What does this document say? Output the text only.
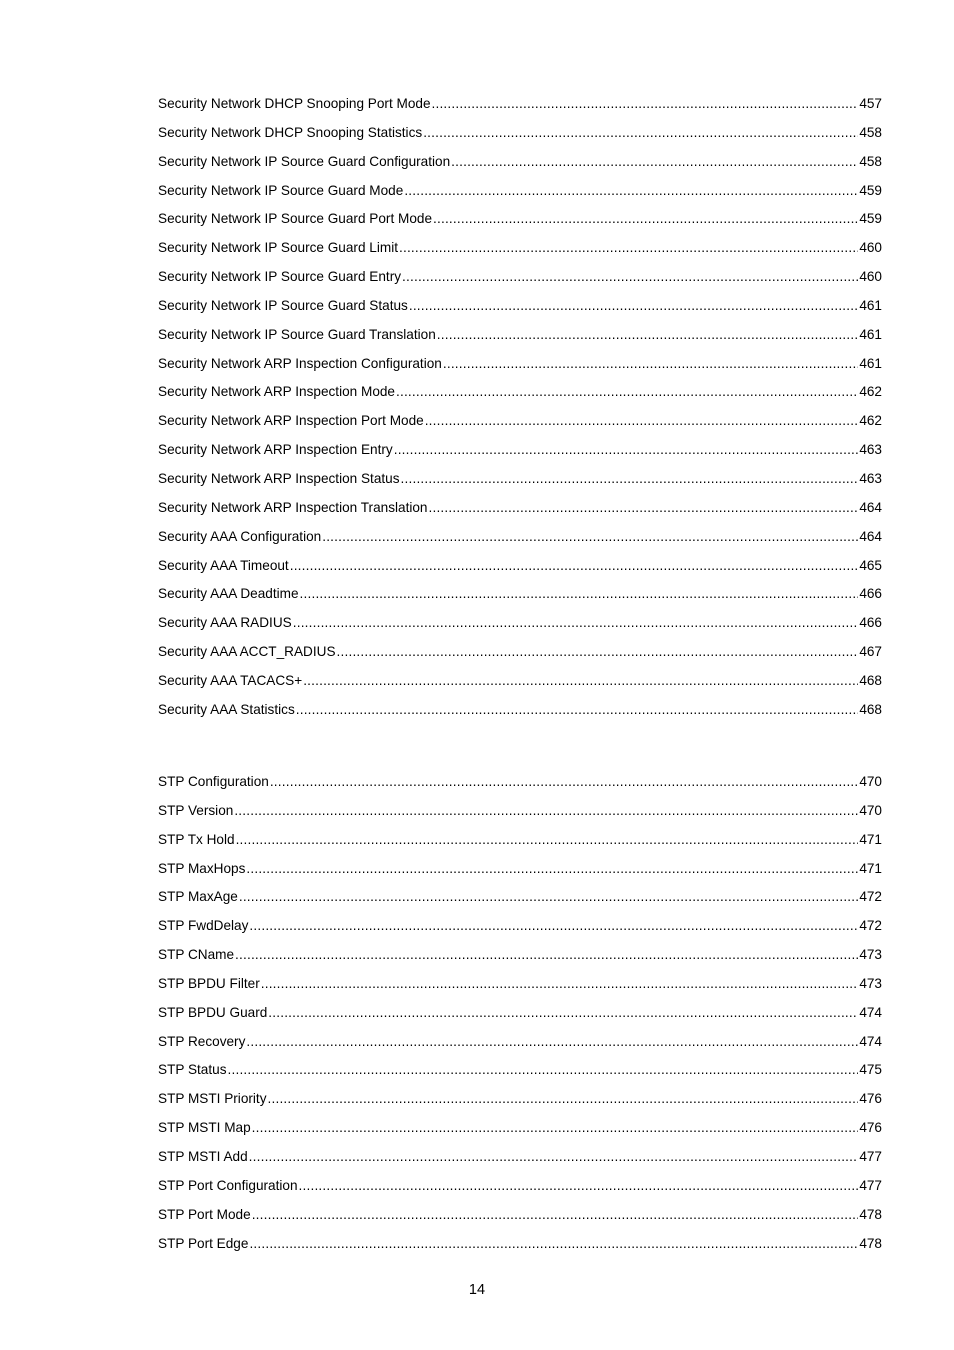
Security Network DHCP Snooping Port Mode .....	457
Security Network DHCP Snooping Statistics .....	458
Security Network IP Source Guard Configuration .....	458
Security Network IP Source Guard Mode .....	459
Security Network IP Source Guard Port Mode .....	459
Security Network IP Source Guard Limit .....	460
Security Network IP Source Guard Entry .....	460
Security Network IP Source Guard Status .....	461
Security Network IP Source Guard Translation .....	461
Security Network ARP Inspection Configuration .....	461
Security Network ARP Inspection Mode .....	462
Security Network ARP Inspection Port Mode .....	462
Security Network ARP Inspection Entry .....	463
Security Network ARP Inspection Status .....	463
Security Network ARP Inspection Translation .....	464
Security AAA Configuration .....	464
Security AAA Timeout .....	465
Security AAA Deadtime .....	466
Security AAA RADIUS .....	466
Security AAA ACCT_RADIUS .....	467
Security AAA TACACS+ .....	468
Security AAA Statistics .....	468
STP Configuration .....	470
STP Version .....	470
STP Tx Hold .....	471
STP MaxHops .....	471
STP MaxAge .....	472
STP FwdDelay .....	472
STP CName .....	473
STP BPDU Filter .....	473
STP BPDU Guard .....	474
STP Recovery .....	474
STP Status .....	475
STP MSTI Priority .....	476
STP MSTI Map .....	476
STP MSTI Add .....	477
STP Port Configuration .....	477
STP Port Mode .....	478
STP Port Edge .....	478
14
